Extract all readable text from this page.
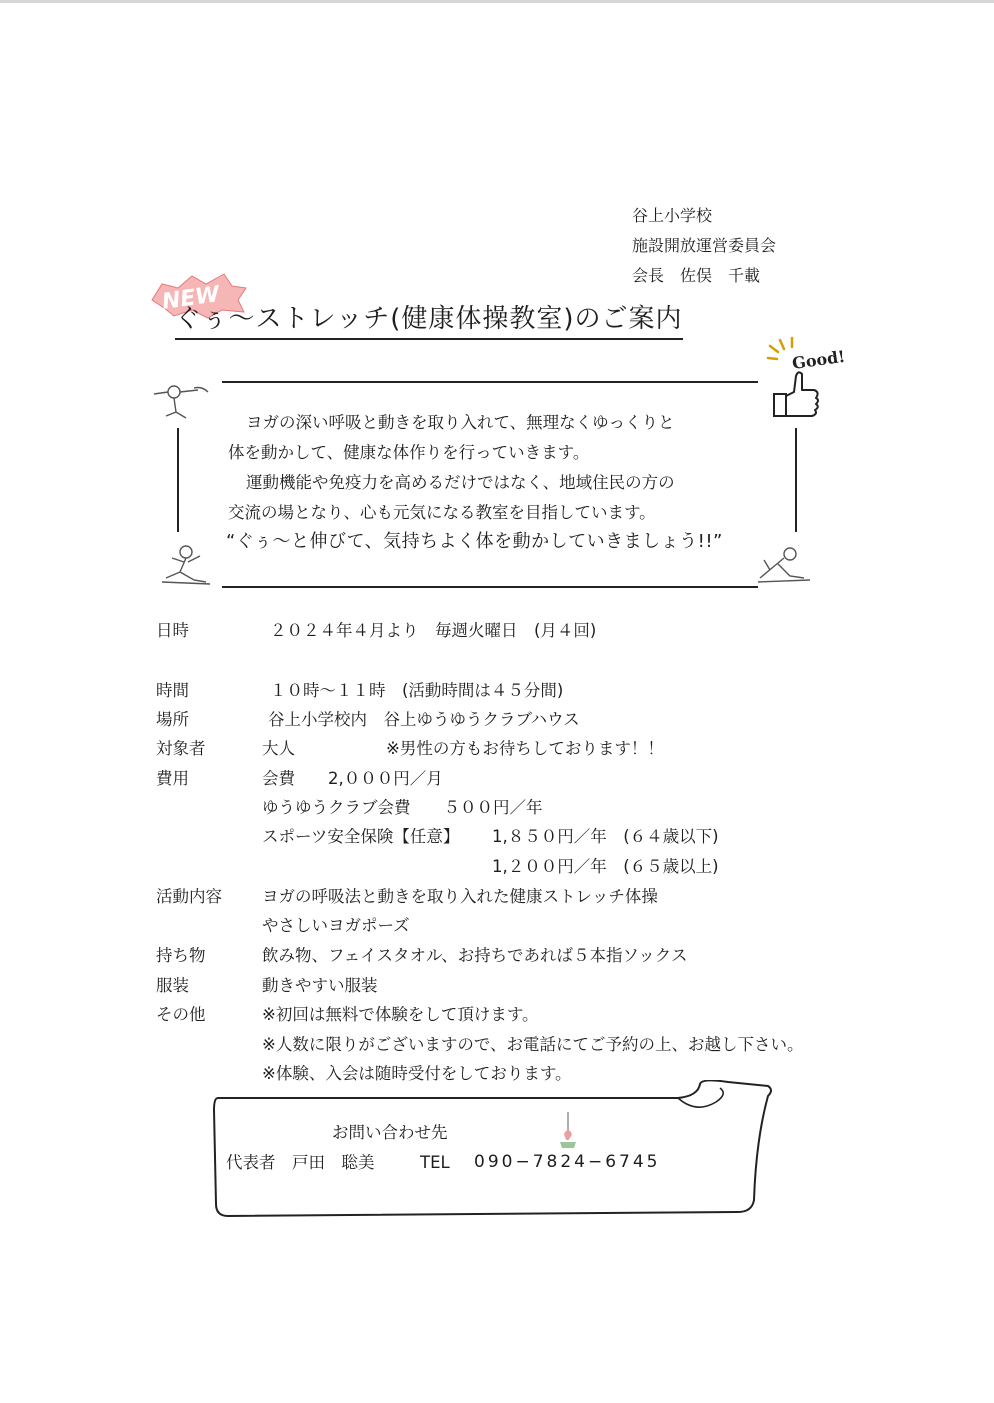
谷上小学校
施設開放運営委員会
会長　佐俣　千載
NEW
ぐぅ～ストレッチ(健康体操教室)のご案内
Good!
ヨガの深い呼吸と動きを取り入れて、無理なくゆっくりと
体を動かして、健康な体作りを行っていきます。
運動機能や免疫力を高めるだけではなく、地域住民の方の
交流の場となり、心も元気になる教室を目指しています。
“ぐぅ～と伸びて、気持ちよく体を動かしていきましょう!!”
日時	２０２４年４月より　毎週火曜日　(月４回)
時間	１０時～１１時　(活動時間は４５分間)
場所	谷上小学校内　谷上ゆうゆうクラブハウス
対象者	大人	※男性の方もお待ちしております！！
費用	会費　　2,０００円／月
ゆうゆうクラブ会費　　５００円／年
スポーツ安全保険【任意】 1,８５０円／年　(６４歳以下)
1,２００円／年　(６５歳以上)
活動内容 ヨガの呼吸法と動きを取り入れた健康ストレッチ体操
やさしいヨガポーズ
持ち物	飲み物、フェイスタオル、お持ちであれば５本指ソックス
服装	動きやすい服装
その他	※初回は無料で体験をして頂けます。
※人数に限りがございますので、お電話にてご予約の上、お越し下さい。
※体験、入会は随時受付をしております。
お問い合わせ先
代表者　戸田　聡美	TEL 090−7824−6745
